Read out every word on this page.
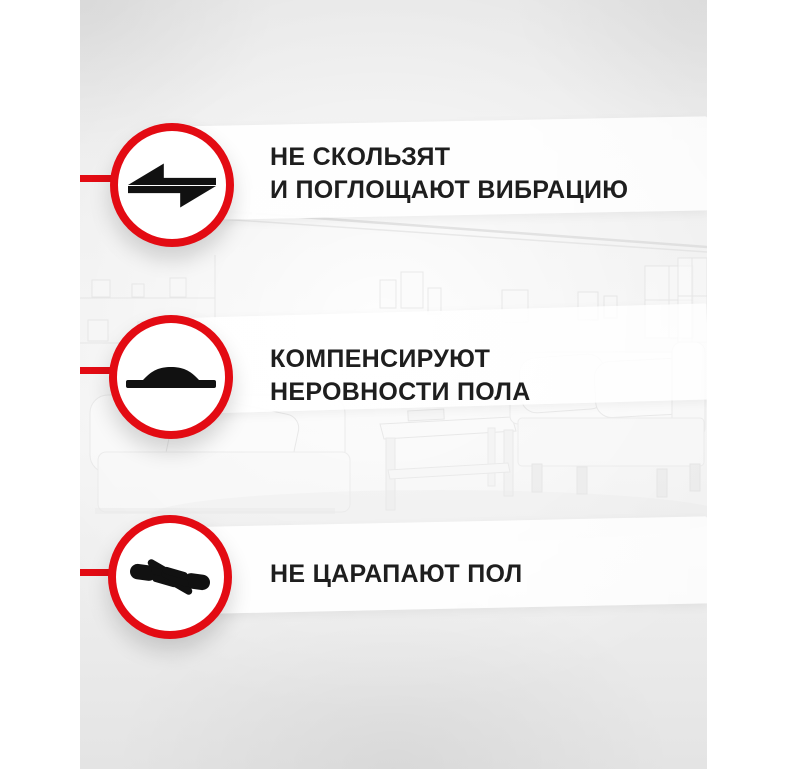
НЕ СКОЛЬЗЯТ
И ПОГЛОЩАЮТ ВИБРАЦИЮ
КОМПЕНСИРУЮТ
НЕРОВНОСТИ ПОЛА
НЕ ЦАРАПАЮТ ПОЛ
